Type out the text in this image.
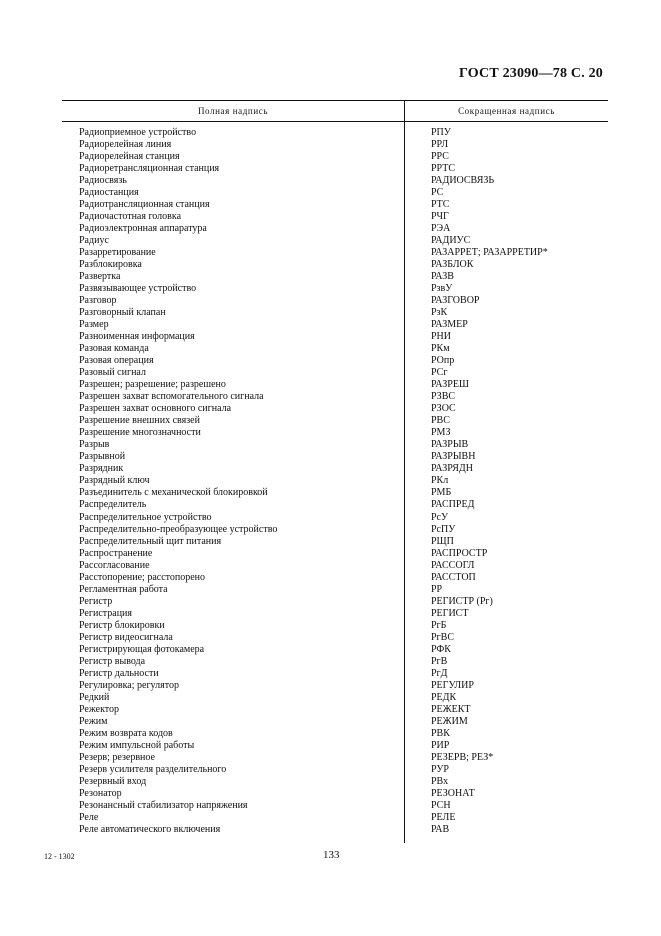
ГОСТ 23090—78 С. 20
Полная надпись	Сокращенная надпись
Радиоприемное устройство	РПУ
Радиорелейная линия	РРЛ
Радиорелейная станция	РРС
Радиоретрансляционная станция	РРТС
Радиосвязь	РАДИОСВЯЗЬ
Радиостанция	РС
Радиотрансляционная станция	РТС
Радиочастотная головка	РЧГ
Радиоэлектронная аппаратура	РЭА
Радиус	РАДИУС
Разарретирование	РАЗАРРЕТ; РАЗАРРЕТИР*
Разблокировка	РАЗБЛОК
Развертка	РАЗВ
Развязывающее устройство	РзвУ
Разговор	РАЗГОВОР
Разговорный клапан	РзК
Размер	РАЗМЕР
Разноименная информация	РНИ
Разовая команда	РКм
Разовая операция	РОпр
Разовый сигнал	РСг
Разрешен; разрешение; разрешено	РАЗРЕШ
Разрешен захват вспомогательного сигнала	РЗВС
Разрешен захват основного сигнала	РЗОС
Разрешение внешних связей	РВС
Разрешение многозначности	РМЗ
Разрыв	РАЗРЫВ
Разрывной	РАЗРЫВН
Разрядник	РАЗРЯДН
Разрядный ключ	РКл
Разъединитель с механической блокировкой	РМБ
Распределитель	РАСПРЕД
Распределительное устройство	РсУ
Распределительно-преобразующее устройство	РсПУ
Распределительный щит питания	РЩП
Распространение	РАСПРОСТР
Рассогласование	РАССОГЛ
Расстопорение; расстопорено	РАССТОП
Регламентная работа	РР
Регистр	РЕГИСТР (Рг)
Регистрация	РЕГИСТ
Регистр блокировки	РгБ
Регистр видеосигнала	РгВС
Регистрирующая фотокамера	РФК
Регистр вывода	РгВ
Регистр дальности	РгД
Регулировка; регулятор	РЕГУЛИР
Редкий	РЕДК
Режектор	РЕЖЕКТ
Режим	РЕЖИМ
Режим возврата кодов	РВК
Режим импульсной работы	РИР
Резерв; резервное	РЕЗЕРВ; РЕЗ*
Резерв усилителя разделительного	РУР
Резервный вход	РВх
Резонатор	РЕЗОНАТ
Резонансный стабилизатор напряжения	РСН
Реле	РЕЛЕ
Реле автоматического включения	РАВ
12 - 1302	133
